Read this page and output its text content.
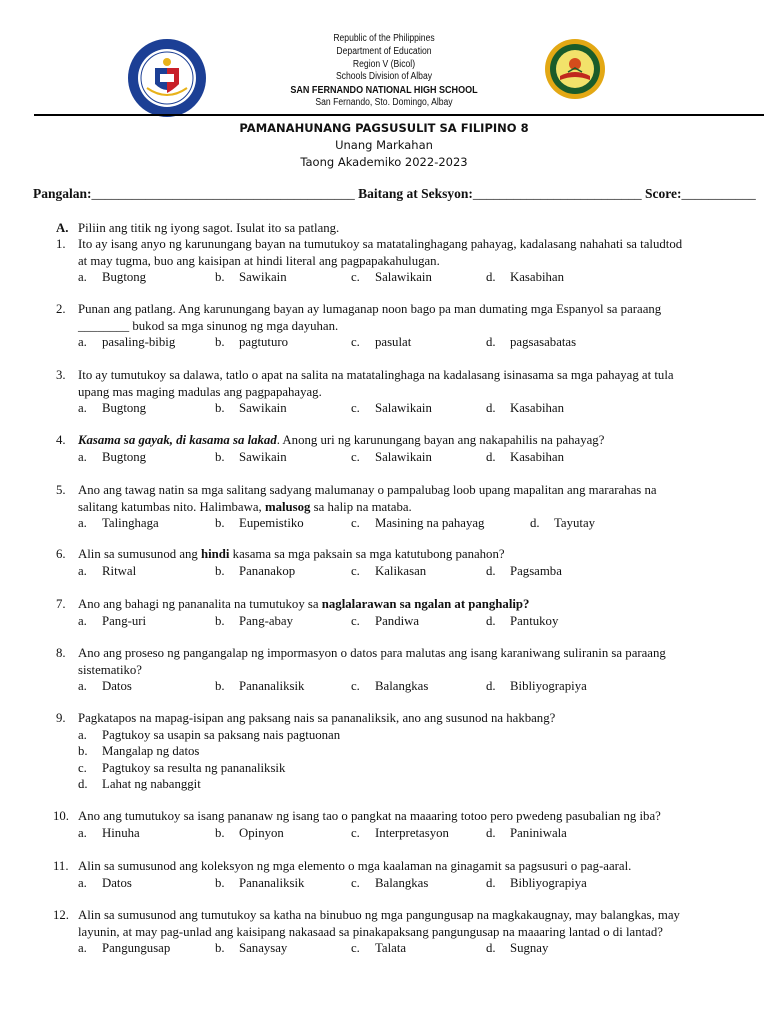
Republic of the Philippines
Department of Education
Region V (Bicol)
Schools Division of Albay
SAN FERNANDO NATIONAL HIGH SCHOOL
San Fernando, Sto. Domingo, Albay
PAMANAHUNANG PAGSUSULIT SA FILIPINO 8
Unang Markahan
Taong Akademiko 2022-2023
Pangalan:_______________________________________ Baitang at Seksyon:_________________________ Score:___________
A. Piliin ang titik ng iyong sagot. Isulat ito sa patlang.
1. Ito ay isang anyo ng karunungang bayan na tumutukoy sa matatalinghagang pahayag, kadalasang nahahati sa taludtod
at may tugma, buo ang kaisipan at hindi literal ang pagpapakahulugan.
a. Bugtong	b. Sawikain	c. Salawikain	d. Kasabihan
2. Punan ang patlang. Ang karunungang bayan ay lumaganap noon bago pa man dumating mga Espanyol sa paraang
________ bukod sa mga sinunog ng mga dayuhan.
a. pasaling-bibig	b. pagtuturo	c. pasulat	d. pagsasabatas
3. Ito ay tumutukoy sa dalawa, tatlo o apat na salita na matatalinghaga na kadalasang isinasama sa mga pahayag at tula
upang mas maging madulas ang pagpapahayag.
a. Bugtong	b. Sawikain	c. Salawikain	d. Kasabihan
4. Kasama sa gayak, di kasama sa lakad. Anong uri ng karunungang bayan ang nakapahilis na pahayag?
a. Bugtong	b. Sawikain	c. Salawikain	d. Kasabihan
5. Ano ang tawag natin sa mga salitang sadyang malumanay o pampalubag loob upang mapalitan ang mararahas na
salitang katumbas nito. Halimbawa, malusog sa halip na mataba.
a. Talinghaga	b. Eupemistiko	c. Masining na pahayag	d. Tayutay
6. Alin sa sumusunod ang hindi kasama sa mga paksain sa mga katutubong panahon?
a. Ritwal	b. Pananakop	c. Kalikasan	d. Pagsamba
7. Ano ang bahagi ng pananalita na tumutukoy sa naglalarawan sa ngalan at panghalip?
a. Pang-uri	b. Pang-abay	c. Pandiwa	d. Pantukoy
8. Ano ang proseso ng pangangalap ng impormasyon o datos para malutas ang isang karaniwang suliranin sa paraang
sistematiko?
a. Datos	b. Pananaliksik	c. Balangkas	d. Bibliyograpiya
9. Pagkatapos na mapag-isipan ang paksang nais sa pananaliksik, ano ang susunod na hakbang?
a. Pagtukoy sa usapin sa paksang nais pagtuonan
b. Mangalap ng datos
c. Pagtukoy sa resulta ng pananaliksik
d. Lahat ng nabanggit
10. Ano ang tumutukoy sa isang pananaw ng isang tao o pangkat na maaaring totoo pero pwedeng pasubalian ng iba?
a. Hinuha	b. Opinyon	c. Interpretasyon	d. Paniniwala
11. Alin sa sumusunod ang koleksyon ng mga elemento o mga kaalaman na ginagamit sa pagsusuri o pag-aaral.
a. Datos	b. Pananaliksik	c. Balangkas	d. Bibliyograpiya
12. Alin sa sumusunod ang tumutukoy sa katha na binubuo ng mga pangungusap na magkakaugnay, may balangkas, may
layunin, at may pag-unlad ang kaisipang nakasaad sa pinakapaksang pangungusap na maaaring lantad o di lantad?
a. Pangungusap	b. Sanaysay	c. Talata	d. Sugnay
